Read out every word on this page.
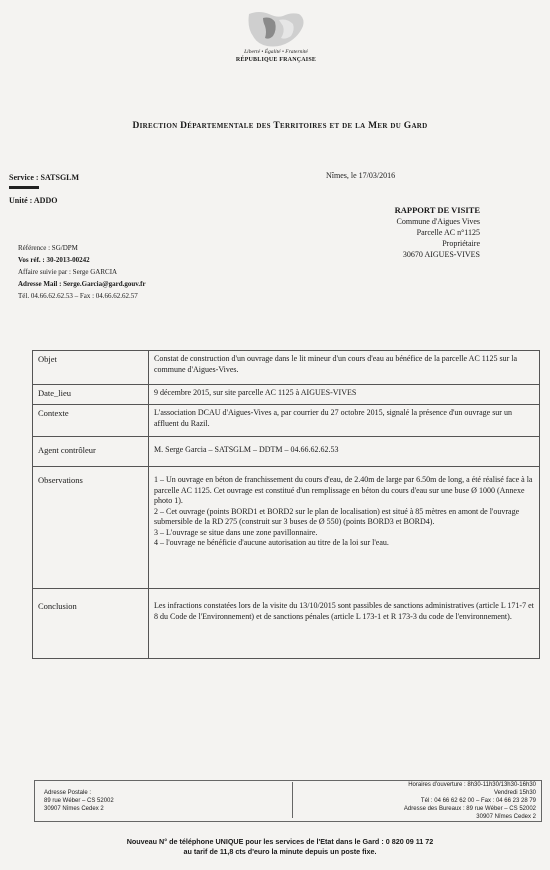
Liberté • Égalité • Fraternité
RÉPUBLIQUE FRANÇAISE
Direction Départementale des Territoires et de la Mer du Gard
Service : SATSGLM
Unité : ADDO
Nîmes, le 17/03/2016
RAPPORT DE VISITE
Commune d'Aigues Vives
Parcelle AC n°1125
Propriétaire
30670 AIGUES-VIVES
Référence : SG/DPM
Vos réf. : 30-2013-00242
Affaire suivie par : Serge GARCIA
Adresse Mail : Serge.Garcia@gard.gouv.fr
Tél. 04.66.62.62.53 – Fax : 04.66.62.62.57
Objet	Constat de construction d'un ouvrage dans le lit mineur d'un cours d'eau au bénéfice de la parcelle AC 1125 sur la commune d'Aigues-Vives.
Date_lieu	9 décembre 2015, sur site parcelle AC 1125 à AIGUES-VIVES
Contexte	L'association DCAU d'Aigues-Vives a, par courrier du 27 octobre 2015, signalé la présence d'un ouvrage sur un affluent du Razil.
Agent contrôleur	M. Serge Garcia – SATSGLM – DDTM – 04.66.62.62.53
Observations	1 – Un ouvrage en béton de franchissement du cours d'eau, de 2.40m de large par 6.50m de long, a été réalisé face à la parcelle AC 1125. Cet ouvrage est constitué d'un remplissage en béton du cours d'eau sur une buse Ø 1000 (Annexe photo 1).
2 – Cet ouvrage (points BORD1 et BORD2 sur le plan de localisation) est situé à 85 mètres en amont de l'ouvrage submersible de la RD 275 (construit sur 3 buses de Ø 550) (points BORD3 et BORD4).
3 – L'ouvrage se situe dans une zone pavillonnaire.
4 – l'ouvrage ne bénéficie d'aucune autorisation au titre de la loi sur l'eau.

Conclusion	Les infractions constatées lors de la visite du 13/10/2015 sont passibles de sanctions administratives (article L 171-7 et 8 du Code de l'Environnement) et de sanctions pénales (article L 173-1 et R 173-3 du code de l'environnement).
Adresse Postale :
89 rue Wéber – CS 52002
30907 Nîmes Cedex 2
Horaires d'ouverture : 8h30-11h30/13h30-16h30
Vendredi 15h30
Tél : 04 66 62 62 00 – Fax : 04 66 23 28 79
Adresse des Bureaux : 89 rue Wéber – CS 52002
30907 Nîmes Cedex 2
Nouveau N° de téléphone UNIQUE pour les services de l'Etat dans le Gard : 0 820 09 11 72
au tarif de 11,8 cts d'euro la minute depuis un poste fixe.
